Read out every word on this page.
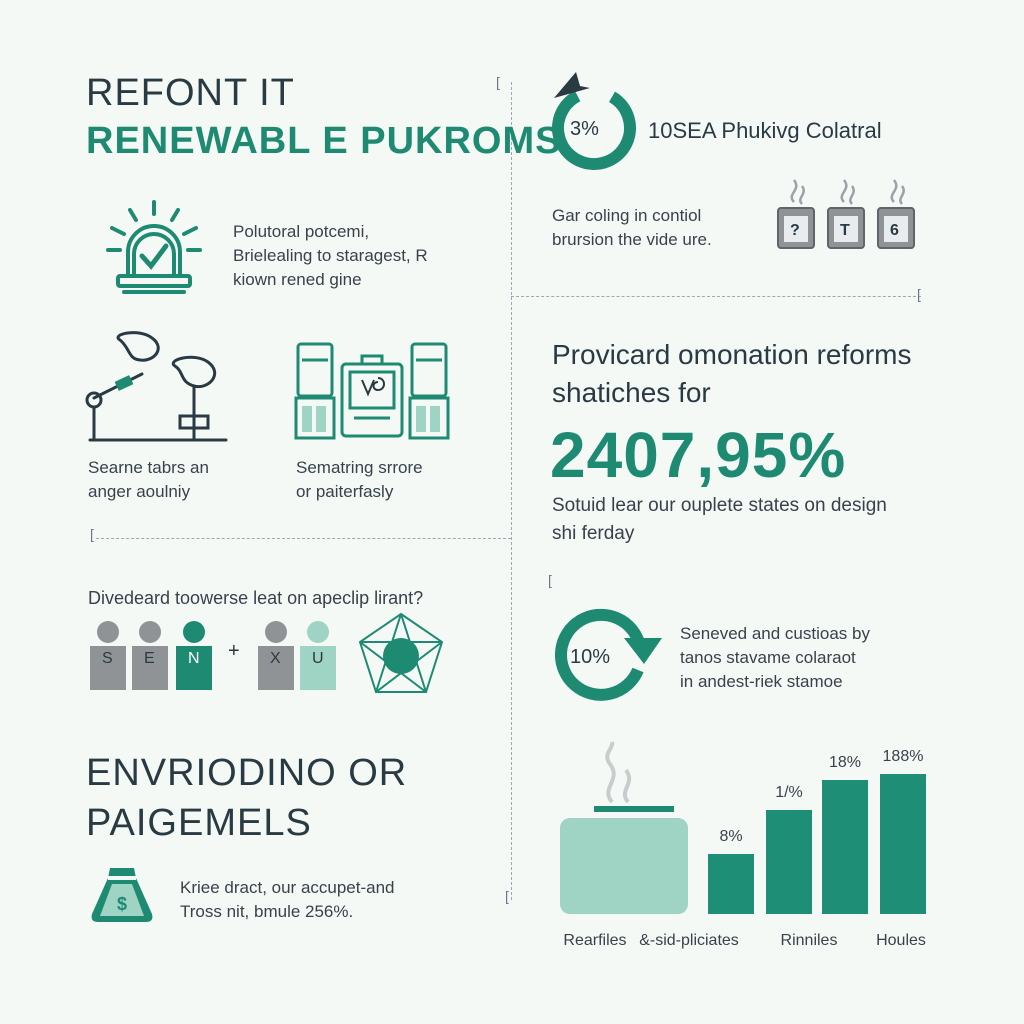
[
[
[
[
[
REFONT IT
RENEWABL E PUKROMS
Polutoral potcemi,
Brielealing to staragest, R
kiown rened gine
Searne tabrs an
anger aoulniy
Sematring srrore
or paiterfasly
Divedeard toowerse leat on apeclip lirant?
S E N + X U
ENVRIODINO OR
PAIGEMELS
$
Kriee dract, our accupet-and
Tross nit, bmule 256%.
3% 10SEA Phukivg Colatral
Gar coling in contiol
brursion the vide ure.	?	T	6
Provicard omonation reforms
shatiches for
2407,95%
Sotuid lear our ouplete states on design
shi ferday
10%
Seneved and custioas by
tanos stavame colaraot
in andest-riek stamoe
8%
1/%
18%	188%
Rearfiles &-sid-pliciates	Rinniles	Houles
